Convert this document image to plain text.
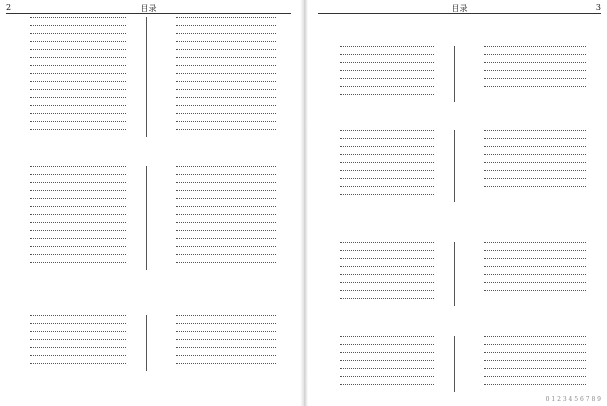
2	目录	目录	3
0 1 2 3 4 5 6 7 8 9
